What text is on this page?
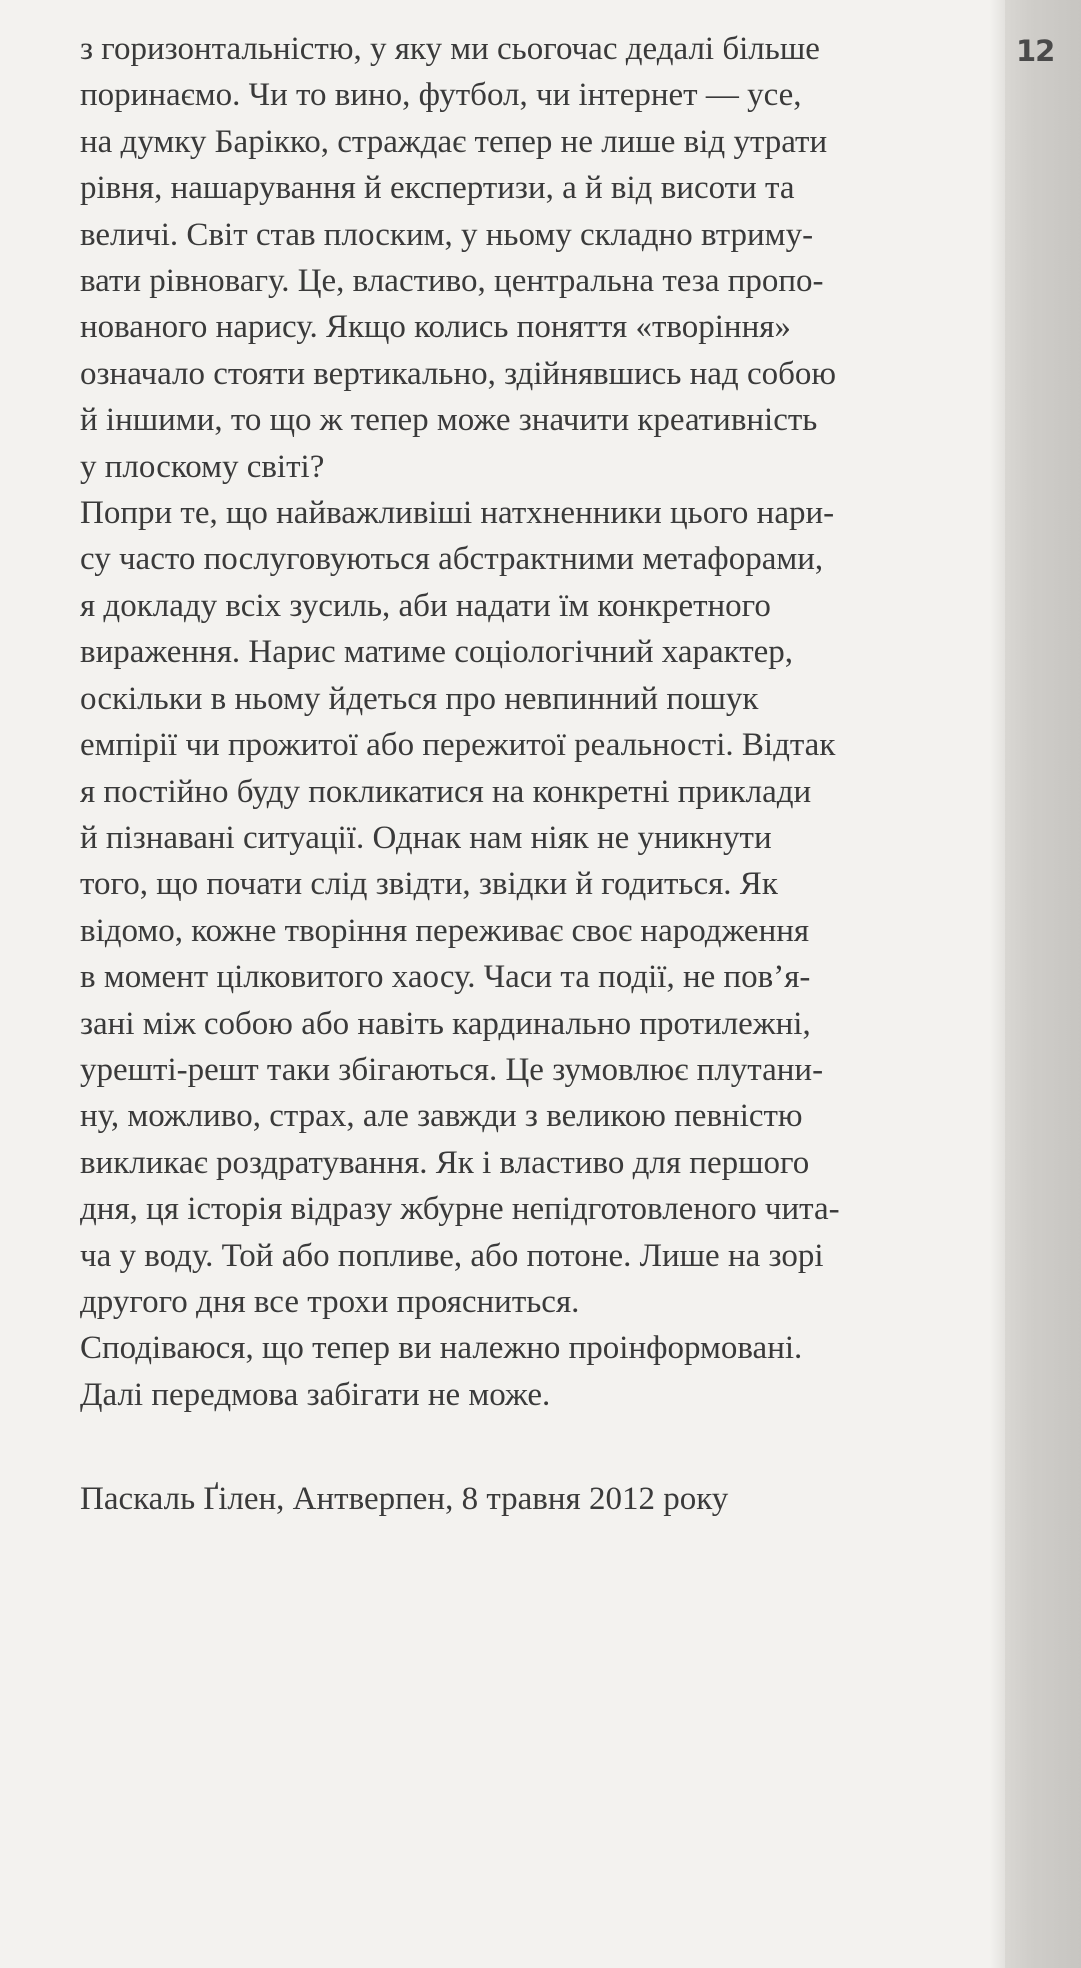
12
з горизонтальністю, у яку ми сьогочас дедалі більше
поринаємо. Чи то вино, футбол, чи інтернет — усе,
на думку Барікко, страждає тепер не лише від утрати
рівня, нашарування й експертизи, а й від висоти та
величі. Світ став плоским, у ньому складно втриму-
вати рівновагу. Це, властиво, центральна теза пропо-
нованого нарису. Якщо колись поняття «творіння»
означало стояти вертикально, здійнявшись над собою
й іншими, то що ж тепер може значити креативність
у плоскому світі?
Попри те, що найважливіші натхненники цього нари-
су часто послуговуються абстрактними метафорами,
я докладу всіх зусиль, аби надати їм конкретного
вираження. Нарис матиме соціологічний характер,
оскільки в ньому йдеться про невпинний пошук
емпірії чи прожитої або пережитої реальності. Відтак
я постійно буду покликатися на конкретні приклади
й пізнавані ситуації. Однак нам ніяк не уникнути
того, що почати слід звідти, звідки й годиться. Як
відомо, кожне творіння переживає своє народження
в момент цілковитого хаосу. Часи та події, не пов’я-
зані між собою або навіть кардинально протилежні,
урешті-решт таки збігаються. Це зумовлює плутани-
ну, можливо, страх, але завжди з великою певністю
викликає роздратування. Як і властиво для першого
дня, ця історія відразу жбурне непідготовленого чита-
ча у воду. Той або попливе, або потоне. Лише на зорі
другого дня все трохи проясниться.
Сподіваюся, що тепер ви належно проінформовані.
Далі передмова забігати не може.
Паскаль Ґілен, Антверпен, 8 травня 2012 року
